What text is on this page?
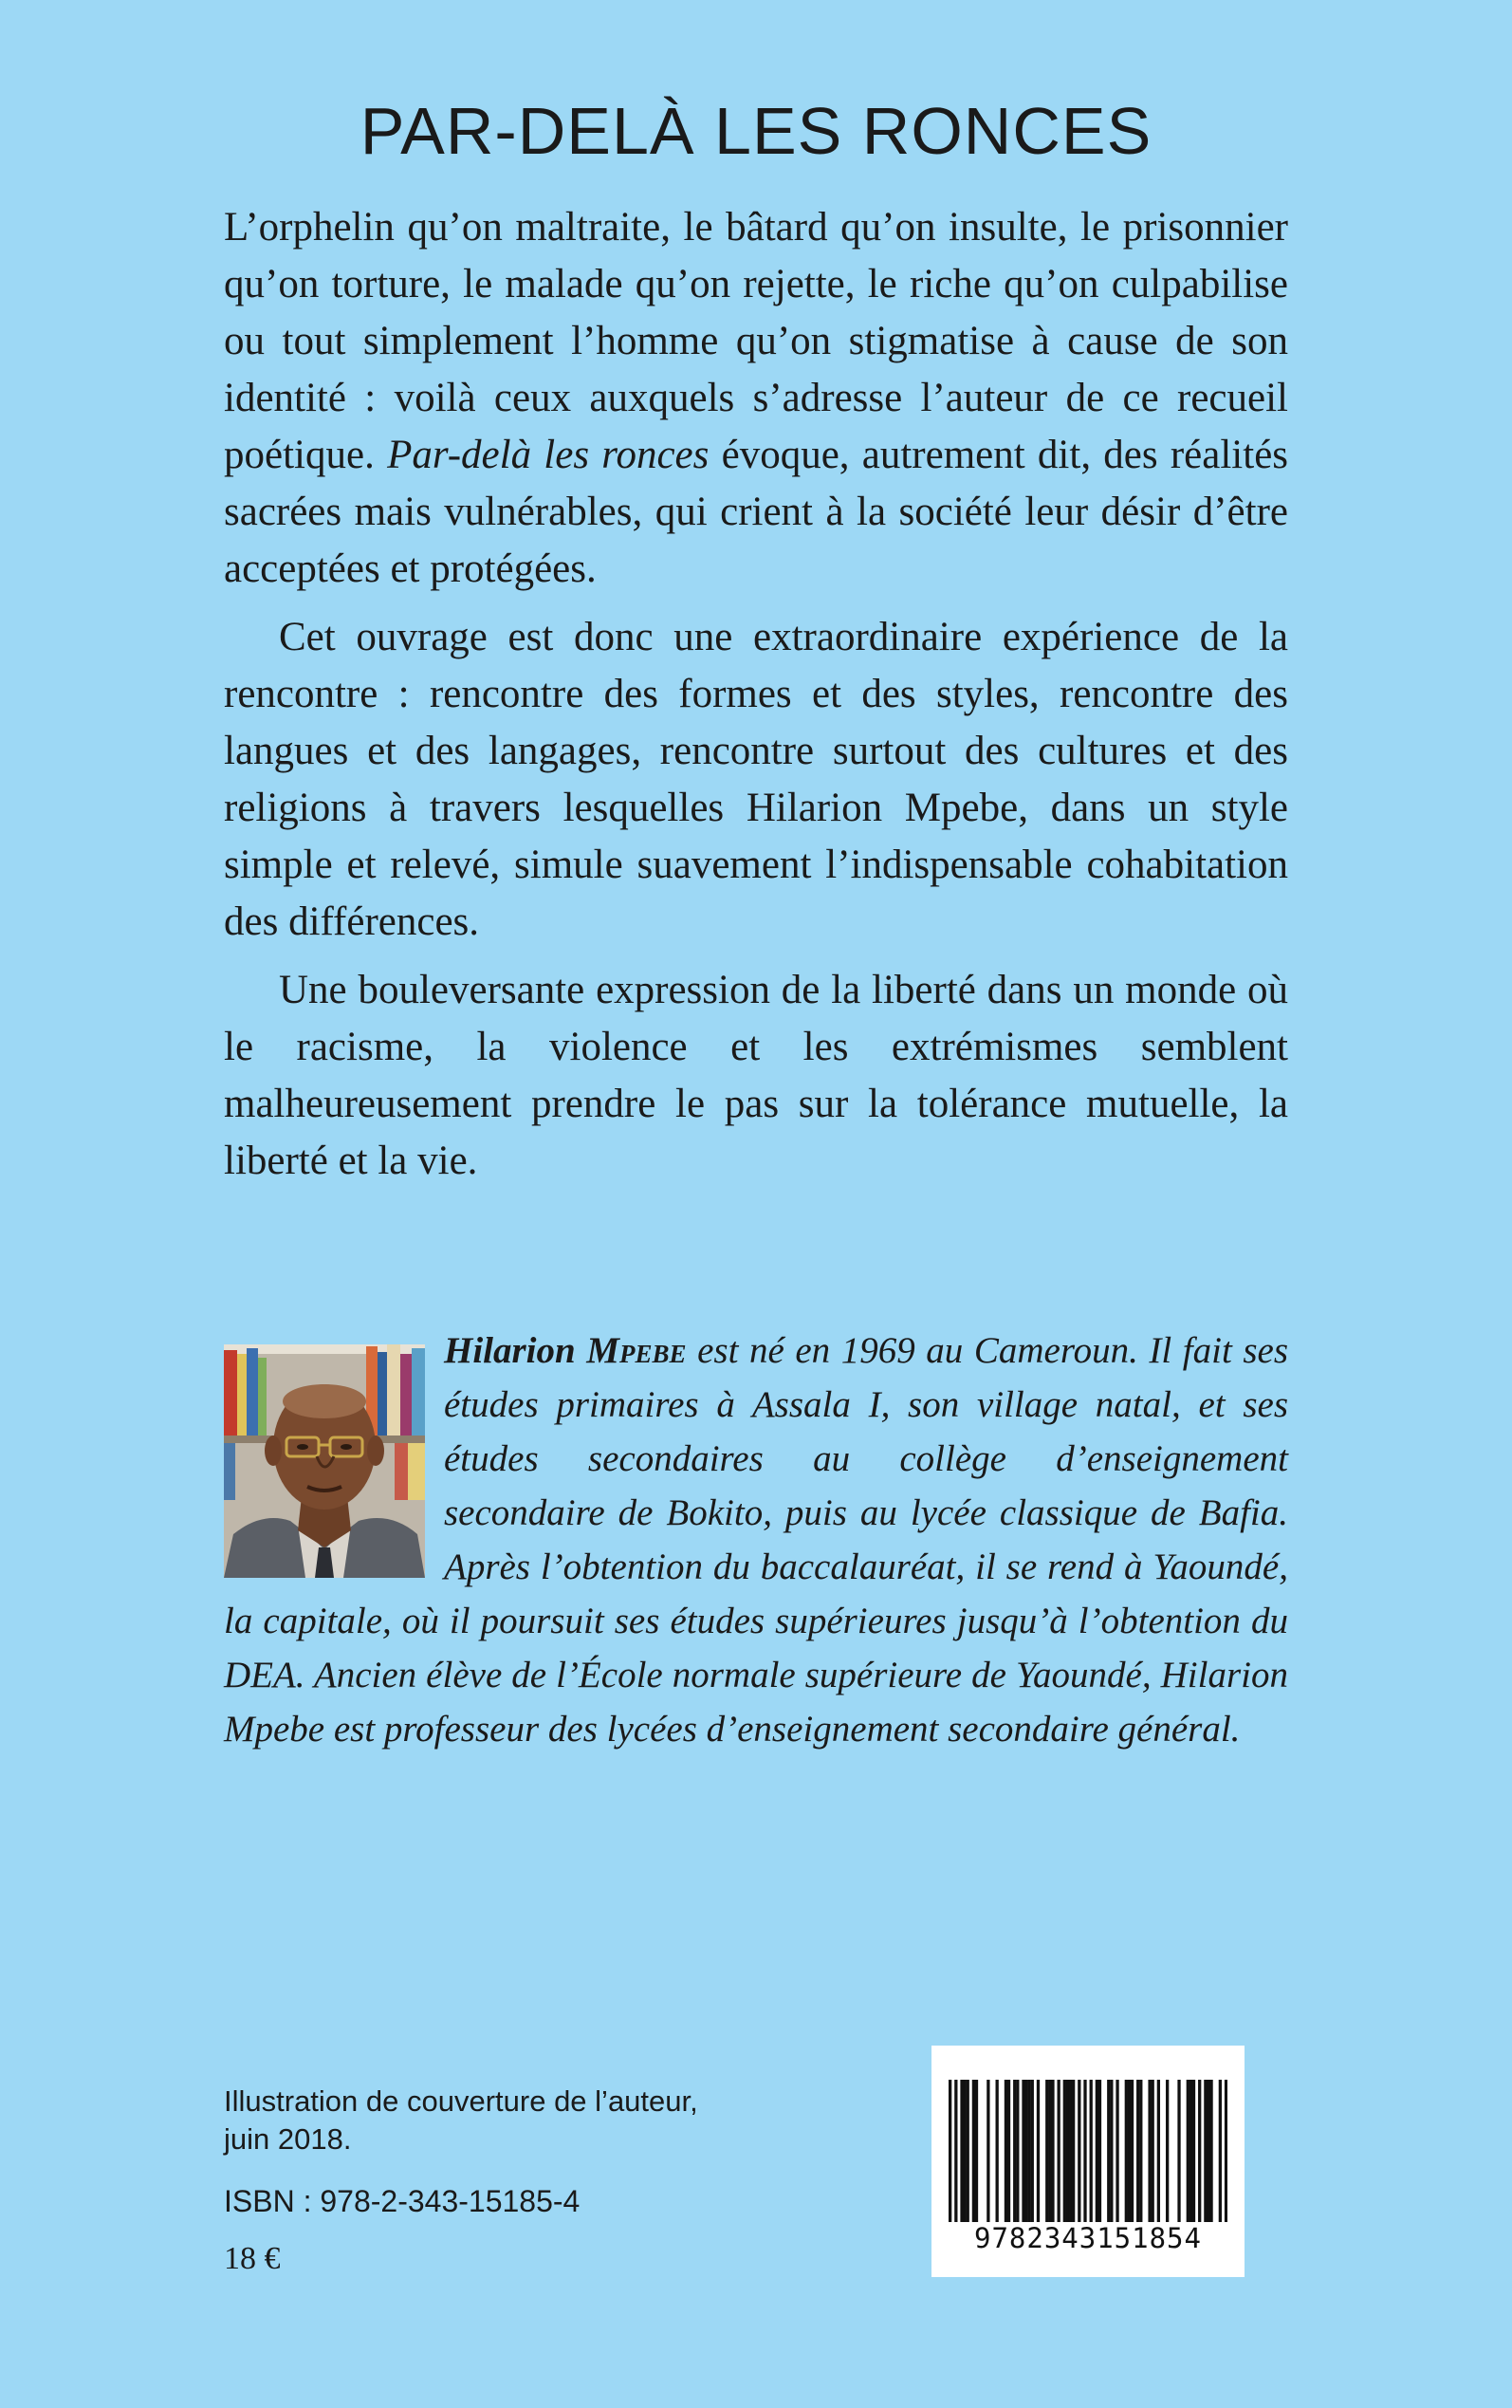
PAR-DELÀ LES RONCES

L’orphelin qu’on maltraite, le bâtard qu’on insulte, le prisonnier qu’on torture, le malade qu’on rejette, le riche qu’on culpabilise ou tout simplement l’homme qu’on stigmatise à cause de son identité : voilà ceux auxquels s’adresse l’auteur de ce recueil poétique. Par-delà les ronces évoque, autrement dit, des réalités sacrées mais vulnérables, qui crient à la société leur désir d’être acceptées et protégées.

Cet ouvrage est donc une extraordinaire expérience de la rencontre : rencontre des formes et des styles, rencontre des langues et des langages, rencontre surtout des cultures et des religions à travers lesquelles Hilarion Mpebe, dans un style simple et relevé, simule suavement l’indispensable cohabitation des différences.

Une bouleversante expression de la liberté dans un monde où le racisme, la violence et les extrémismes semblent malheureusement prendre le pas sur la tolérance mutuelle, la liberté et la vie.

Hilarion Mpebe est né en 1969 au Cameroun. Il fait ses études primaires à Assala I, son village natal, et ses études secondaires au collège d’enseignement secondaire de Bokito, puis au lycée classique de Bafia. Après l’obtention du baccalauréat, il se rend à Yaoundé, la capitale, où il poursuit ses études supérieures jusqu’à l’obtention du DEA. Ancien élève de l’École normale supérieure de Yaoundé, Hilarion Mpebe est professeur des lycées d’enseignement secondaire général.
Illustration de couverture de l’auteur,
juin 2018.
ISBN : 978-2-343-15185-4
18 €
9782343151854
